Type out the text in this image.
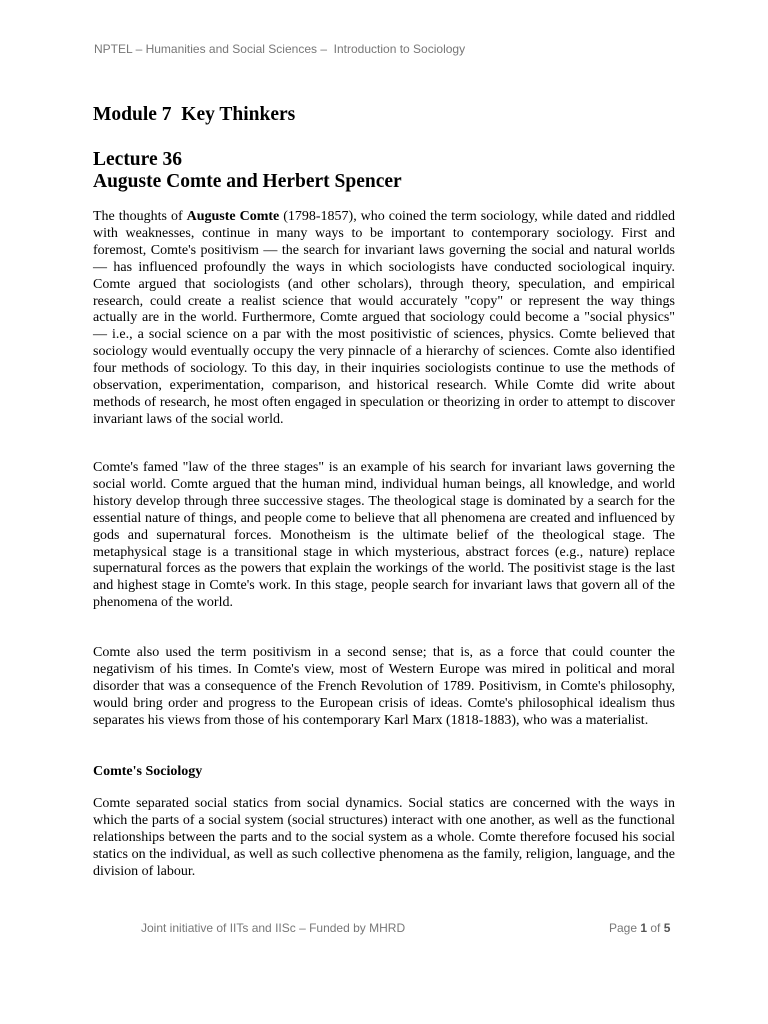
NPTEL – Humanities and Social Sciences –  Introduction to Sociology
Module 7  Key Thinkers
Lecture 36
Auguste Comte and Herbert Spencer

The thoughts of Auguste Comte (1798-1857), who coined the term sociology, while dated and riddled with weaknesses, continue in many ways to be important to contemporary sociology. First and foremost, Comte's positivism — the search for invariant laws governing the social and natural worlds — has influenced profoundly the ways in which sociologists have conducted sociological inquiry. Comte argued that sociologists (and other scholars), through theory, speculation, and empirical research, could create a realist science that would accurately "copy" or represent the way things actually are in the world. Furthermore, Comte argued that sociology could become a "social physics" — i.e., a social science on a par with the most positivistic of sciences, physics. Comte believed that sociology would eventually occupy the very pinnacle of a hierarchy of sciences. Comte also identified four methods of sociology. To this day, in their inquiries sociologists continue to use the methods of observation, experimentation, comparison, and historical research. While Comte did write about methods of research, he most often engaged in speculation or theorizing in order to attempt to discover invariant laws of the social world.

Comte's famed "law of the three stages" is an example of his search for invariant laws governing the social world. Comte argued that the human mind, individual human beings, all knowledge, and world history develop through three successive stages. The theological stage is dominated by a search for the essential nature of things, and people come to believe that all phenomena are created and influenced by gods and supernatural forces. Monotheism is the ultimate belief of the theological stage. The metaphysical stage is a transitional stage in which mysterious, abstract forces (e.g., nature) replace supernatural forces as the powers that explain the workings of the world. The positivist stage is the last and highest stage in Comte's work. In this stage, people search for invariant laws that govern all of the phenomena of the world.

Comte also used the term positivism in a second sense; that is, as a force that could counter the negativism of his times. In Comte's view, most of Western Europe was mired in political and moral disorder that was a consequence of the French Revolution of 1789. Positivism, in Comte's philosophy, would bring order and progress to the European crisis of ideas. Comte's philosophical idealism thus separates his views from those of his contemporary Karl Marx (1818-1883), who was a materialist.

Comte's Sociology

Comte separated social statics from social dynamics. Social statics are concerned with the ways in which the parts of a social system (social structures) interact with one another, as well as the functional relationships between the parts and to the social system as a whole. Comte therefore focused his social statics on the individual, as well as such collective phenomena as the family, religion, language, and the division of labour.

Joint initiative of IITs and IISc – Funded by MHRD	Page 1 of 5
